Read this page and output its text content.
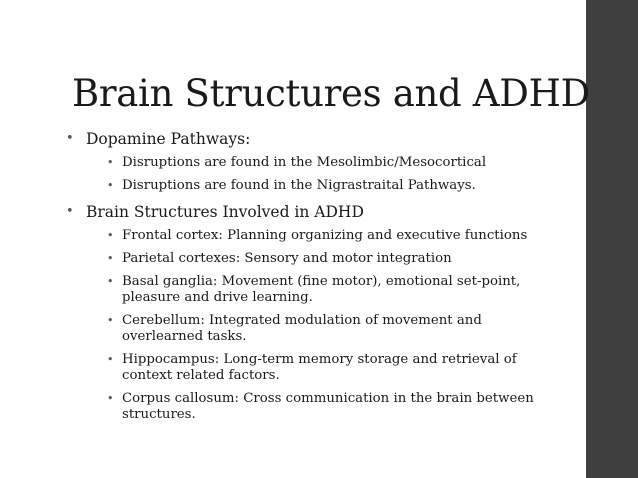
Brain Structures and ADHD
• Dopamine Pathways:
• Disruptions are found in the Mesolimbic/Mesocortical
• Disruptions are found in the Nigrastraital Pathways.
• Brain Structures Involved in ADHD
• Frontal cortex: Planning organizing and executive functions
• Parietal cortexes: Sensory and motor integration
• Basal ganglia: Movement (fine motor), emotional set-point, pleasure and drive learning.
• Cerebellum: Integrated modulation of movement and overlearned tasks.
• Hippocampus: Long-term memory storage and retrieval of context related factors.
• Corpus callosum: Cross communication in the brain between structures.
